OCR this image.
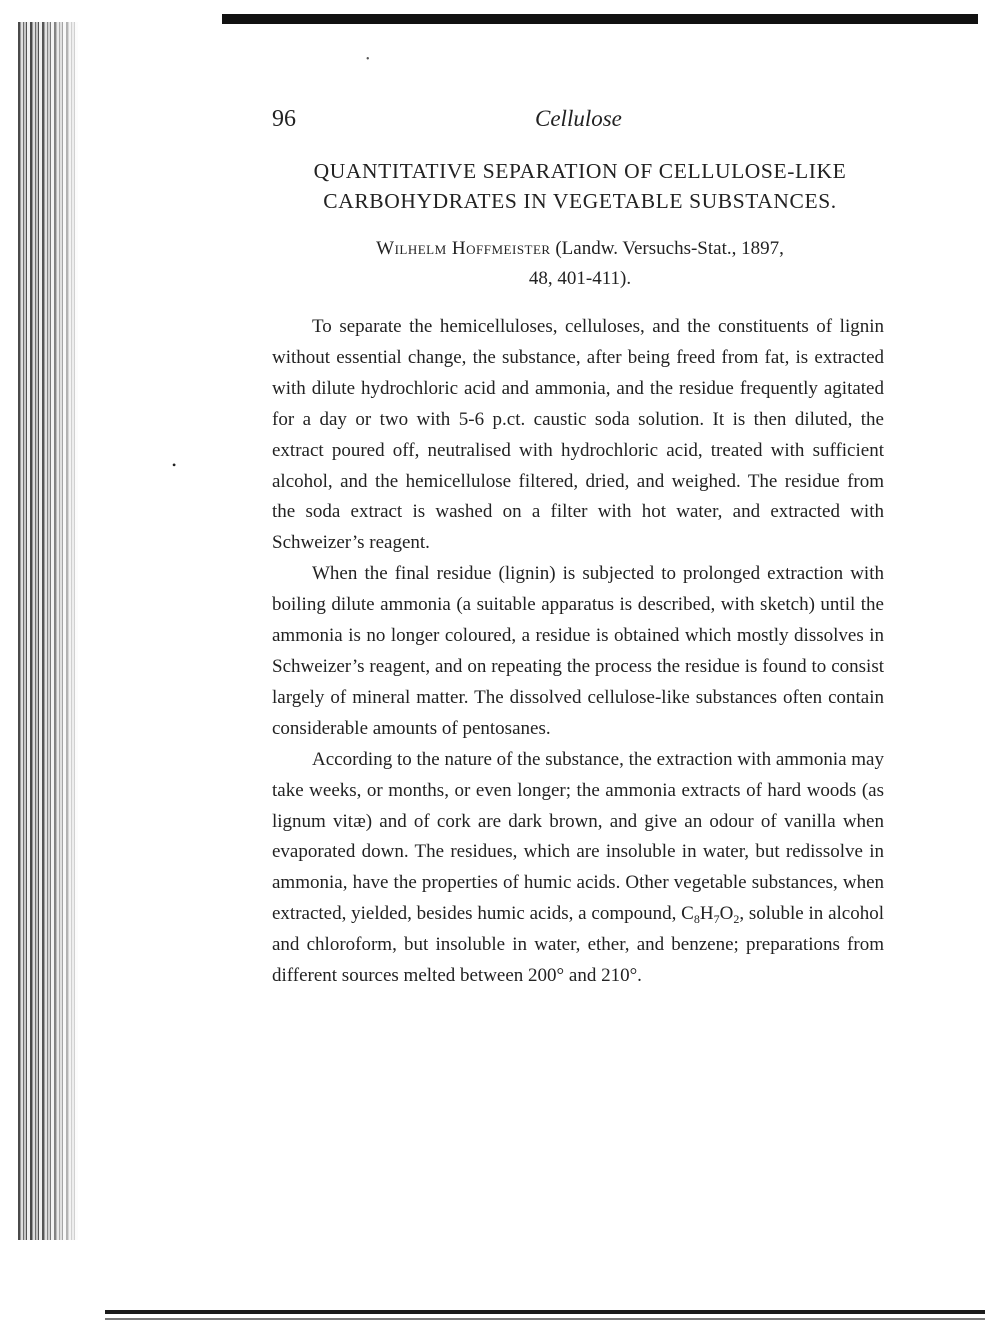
•
•
96	Cellulose
QUANTITATIVE SEPARATION OF CELLULOSE-LIKE
CARBOHYDRATES IN VEGETABLE SUBSTANCES.
Wilhelm Hoffmeister (Landw. Versuchs-Stat., 1897,
48, 401-411).

To separate the hemicelluloses, celluloses, and the constituents of lignin without essential change, the substance, after being freed from fat, is extracted with dilute hydrochloric acid and ammonia, and the residue frequently agitated for a day or two with 5-6 p.ct. caustic soda solution. It is then diluted, the extract poured off, neutralised with hydrochloric acid, treated with sufficient alcohol, and the hemicellulose filtered, dried, and weighed. The residue from the soda extract is washed on a filter with hot water, and extracted with Schweizer’s reagent.

When the final residue (lignin) is subjected to prolonged extraction with boiling dilute ammonia (a suitable apparatus is described, with sketch) until the ammonia is no longer coloured, a residue is obtained which mostly dissolves in Schweizer’s reagent, and on repeating the process the residue is found to consist largely of mineral matter. The dissolved cellulose-like substances often contain considerable amounts of pentosanes.

According to the nature of the substance, the extraction with ammonia may take weeks, or months, or even longer; the ammonia extracts of hard woods (as lignum vitæ) and of cork are dark brown, and give an odour of vanilla when evaporated down. The residues, which are insoluble in water, but redissolve in ammonia, have the properties of humic acids. Other vegetable substances, when extracted, yielded, besides humic acids, a compound, $C_8H_7O_2$, soluble in alcohol and chloroform, but insoluble in water, ether, and benzene; preparations from different sources melted between 200° and 210°.
